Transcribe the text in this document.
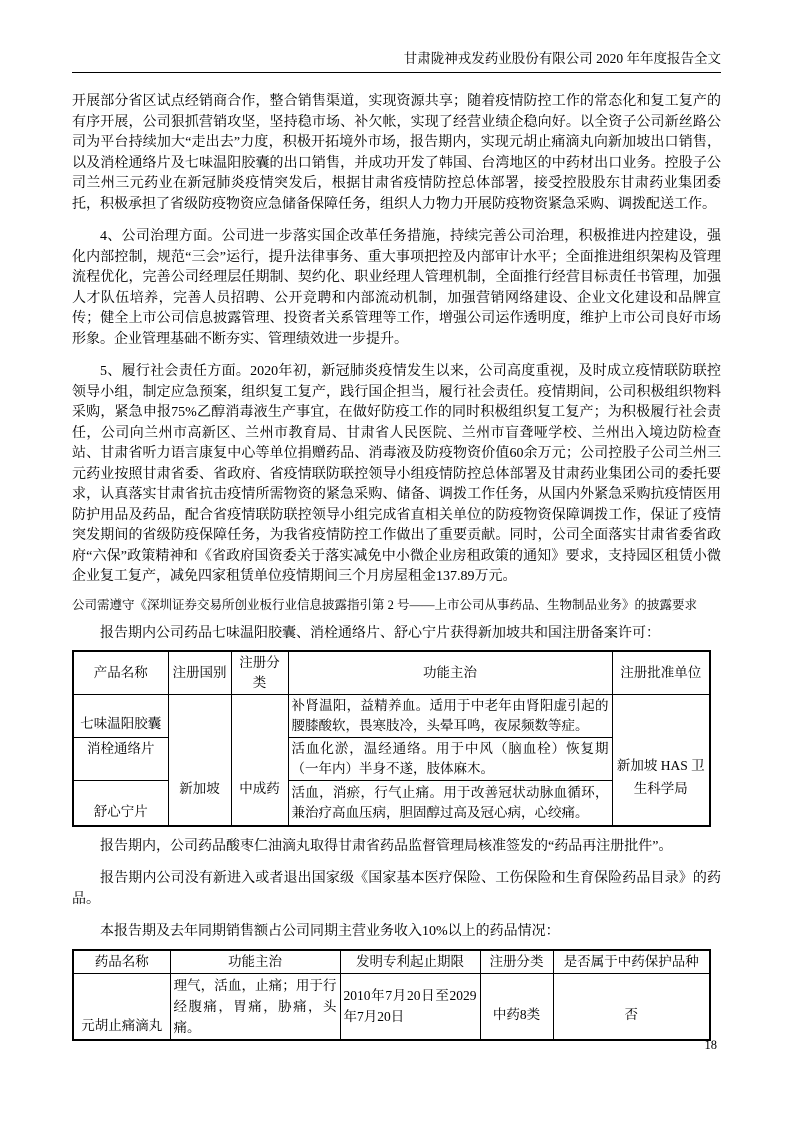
甘肃陇神戎发药业股份有限公司 2020 年年度报告全文

开展部分省区试点经销商合作，整合销售渠道，实现资源共享；随着疫情防控工作的常态化和复工复产的有序开展，公司狠抓营销攻坚，坚持稳市场、补欠帐，实现了经营业绩企稳向好。以全资子公司新丝路公司为平台持续加大“走出去”力度，积极开拓境外市场，报告期内，实现元胡止痛滴丸向新加坡出口销售，以及消栓通络片及七味温阳胶囊的出口销售，并成功开发了韩国、台湾地区的中药材出口业务。控股子公司兰州三元药业在新冠肺炎疫情突发后，根据甘肃省疫情防控总体部署，接受控股股东甘肃药业集团委托，积极承担了省级防疫物资应急储备保障任务，组织人力物力开展防疫物资紧急采购、调拨配送工作。

4、公司治理方面。公司进一步落实国企改革任务措施，持续完善公司治理，积极推进内控建设，强化内部控制，规范“三会”运行，提升法律事务、重大事项把控及内部审计水平；全面推进组织架构及管理流程优化，完善公司经理层任期制、契约化、职业经理人管理机制，全面推行经营目标责任书管理，加强人才队伍培养，完善人员招聘、公开竞聘和内部流动机制，加强营销网络建设、企业文化建设和品牌宣传；健全上市公司信息披露管理、投资者关系管理等工作，增强公司运作透明度，维护上市公司良好市场形象。企业管理基础不断夯实、管理绩效进一步提升。

5、履行社会责任方面。2020年初，新冠肺炎疫情发生以来，公司高度重视，及时成立疫情联防联控领导小组，制定应急预案，组织复工复产，践行国企担当，履行社会责任。疫情期间，公司积极组织物料采购，紧急申报75%乙醇消毒液生产事宜，在做好防疫工作的同时积极组织复工复产；为积极履行社会责任，公司向兰州市高新区、兰州市教育局、甘肃省人民医院、兰州市盲聋哑学校、兰州出入境边防检查站、甘肃省听力语言康复中心等单位捐赠药品、消毒液及防疫物资价值60余万元；公司控股子公司兰州三元药业按照甘肃省委、省政府、省疫情联防联控领导小组疫情防控总体部署及甘肃药业集团公司的委托要求，认真落实甘肃省抗击疫情所需物资的紧急采购、储备、调拨工作任务，从国内外紧急采购抗疫情医用防护用品及药品，配合省疫情联防联控领导小组完成省直相关单位的防疫物资保障调拨工作，保证了疫情突发期间的省级防疫保障任务，为我省疫情防控工作做出了重要贡献。同时，公司全面落实甘肃省委省政府“六保”政策精神和《省政府国资委关于落实减免中小微企业房租政策的通知》要求，支持园区租赁小微企业复工复产，减免四家租赁单位疫情期间三个月房屋租金137.89万元。

公司需遵守《深圳证券交易所创业板行业信息披露指引第 2 号——上市公司从事药品、生物制品业务》的披露要求

报告期内公司药品七味温阳胶囊、消栓通络片、舒心宁片获得新加坡共和国注册备案许可：

产品名称	注册国别	注册分类	功能主治	注册批准单位
七味温阳胶囊	新加坡	中成药	补肾温阳，益精养血。适用于中老年由肾阳虚引起的腰膝酸软，畏寒肢冷，头晕耳鸣，夜尿频数等症。	新加坡 HAS 卫生科学局
消栓通络片			活血化淤，温经通络。用于中风（脑血栓）恢复期（一年内）半身不遂，肢体麻木。	
舒心宁片			活血，消瘀，行气止痛。用于改善冠状动脉血循环，兼治疗高血压病，胆固醇过高及冠心病，心绞痛。	

报告期内，公司药品酸枣仁油滴丸取得甘肃省药品监督管理局核准签发的“药品再注册批件”。

报告期内公司没有新进入或者退出国家级《国家基本医疗保险、工伤保险和生育保险药品目录》的药品。

本报告期及去年同期销售额占公司同期主营业务收入10%以上的药品情况：

药品名称	功能主治	发明专利起止期限	注册分类	是否属于中药保护品种
元胡止痛滴丸	理气，活血，止痛；用于行经腹痛，胃痛，胁痛，头痛。	2010年7月20日至2029年7月20日	中药8类	否
18
